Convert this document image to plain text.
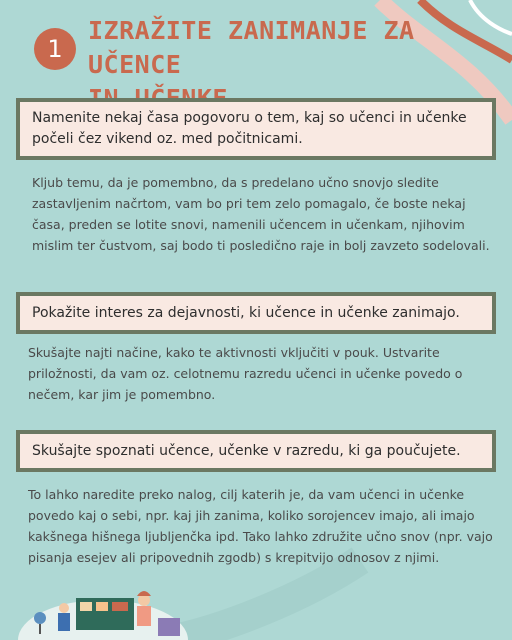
1
IZRAŽITE ZANIMANJE ZA UČENCE
Namenite nekaj časa pogovoru o tem, kaj so učenci in učenke počeli čez vikend oz. med počitnicami.
Kljub temu, da je pomembno, da s predelano učno snovjo sledite zastavljenim načrtom, vam bo pri tem zelo pomagalo, če boste nekaj časa, preden se lotite snovi, namenili učencem in učenkam, njihovim mislim ter čustvom, saj bodo ti posledično raje in bolj zavzeto sodelovali.
Pokažite interes za dejavnosti, ki učence in učenke zanimajo.
Skušajte najti načine, kako te aktivnosti vključiti v pouk. Ustvarite priložnosti, da vam oz. celotnemu razredu učenci in učenke povedo o nečem, kar jim je pomembno.
Skušajte spoznati učence, učenke v razredu, ki ga poučujete.
To lahko naredite preko nalog, cilj katerih je, da vam učenci in učenke povedo kaj o sebi, npr. kaj jih zanima, koliko sorojencev imajo, ali imajo kakšnega hišnega ljubljenčka ipd. Tako lahko združite učno snov (npr. vajo pisanja esejev ali pripovednih zgodb) s krepitvijo odnosov z njimi.
